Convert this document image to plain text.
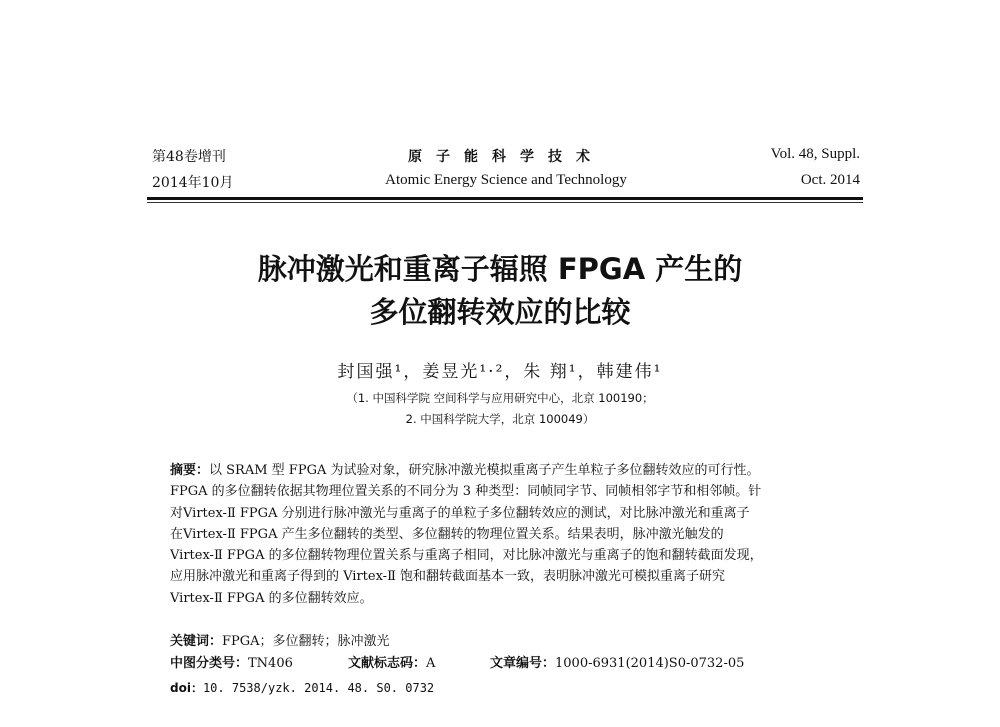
第48卷增刊	原子能科学技术	Vol. 48, Suppl.
2014年10月	Atomic Energy Science and Technology	Oct. 2014
脉冲激光和重离子辐照 FPGA 产生的
多位翻转效应的比较
封国强¹，姜昱光¹·²，朱 翔¹，韩建伟¹
（1. 中国科学院 空间科学与应用研究中心，北京 100190；
2. 中国科学院大学，北京 100049）
摘要：以 SRAM 型 FPGA 为试验对象，研究脉冲激光模拟重离子产生单粒子多位翻转效应的可行性。
FPGA 的多位翻转依据其物理位置关系的不同分为 3 种类型：同帧同字节、同帧相邻字节和相邻帧。针
对Virtex-Ⅱ FPGA 分别进行脉冲激光与重离子的单粒子多位翻转效应的测试，对比脉冲激光和重离子
在Virtex-Ⅱ FPGA 产生多位翻转的类型、多位翻转的物理位置关系。结果表明，脉冲激光触发的
Virtex-Ⅱ FPGA 的多位翻转物理位置关系与重离子相同，对比脉冲激光与重离子的饱和翻转截面发现，
应用脉冲激光和重离子得到的 Virtex-Ⅱ 饱和翻转截面基本一致，表明脉冲激光可模拟重离子研究
Virtex-Ⅱ FPGA 的多位翻转效应。
关键词：FPGA；多位翻转；脉冲激光
中图分类号：TN406	文献标志码：A	文章编号：1000-6931(2014)S0-0732-05
doi：10. 7538/yzk. 2014. 48. S0. 0732
